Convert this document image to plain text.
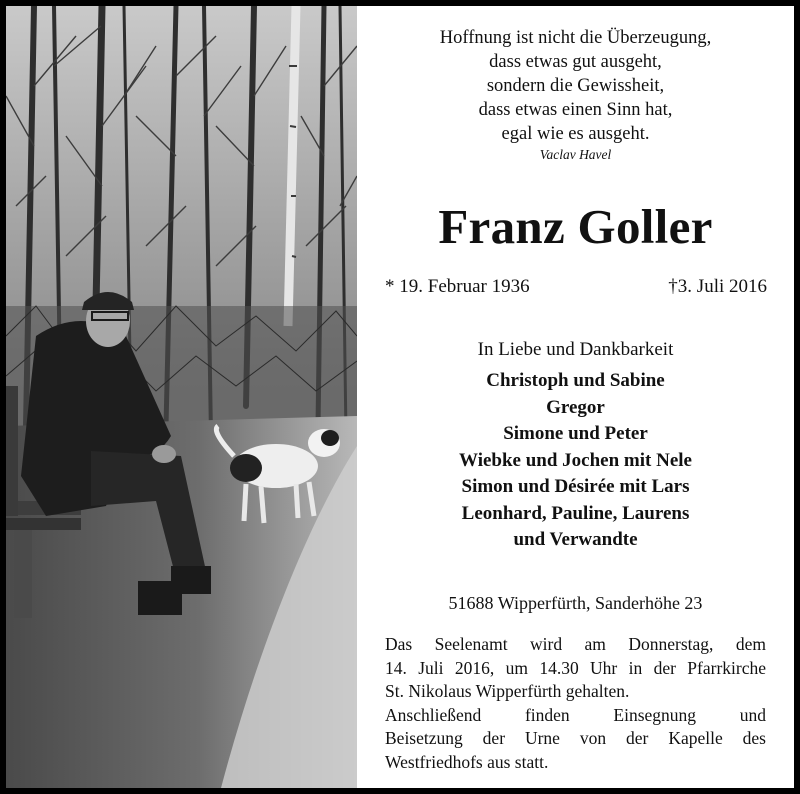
Hoffnung ist nicht die Überzeugung,
dass etwas gut ausgeht,
sondern die Gewissheit,
dass etwas einen Sinn hat,
egal wie es ausgeht.
Vaclav Havel
Franz Goller
* 19. Februar 1936	†3. Juli 2016
In Liebe und Dankbarkeit
Christoph und Sabine
Gregor
Simone und Peter
Wiebke und Jochen mit Nele
Simon und Désirée mit Lars
Leonhard, Pauline, Laurens
und Verwandte
51688 Wipperfürth, Sanderhöhe 23
Das Seelenamt wird am Donnerstag, dem
14. Juli 2016, um 14.30 Uhr in der Pfarrkirche
St. Nikolaus Wipperfürth gehalten.
Anschließend finden Einsegnung und
Beisetzung der Urne von der Kapelle des
Westfriedhofs aus statt.
